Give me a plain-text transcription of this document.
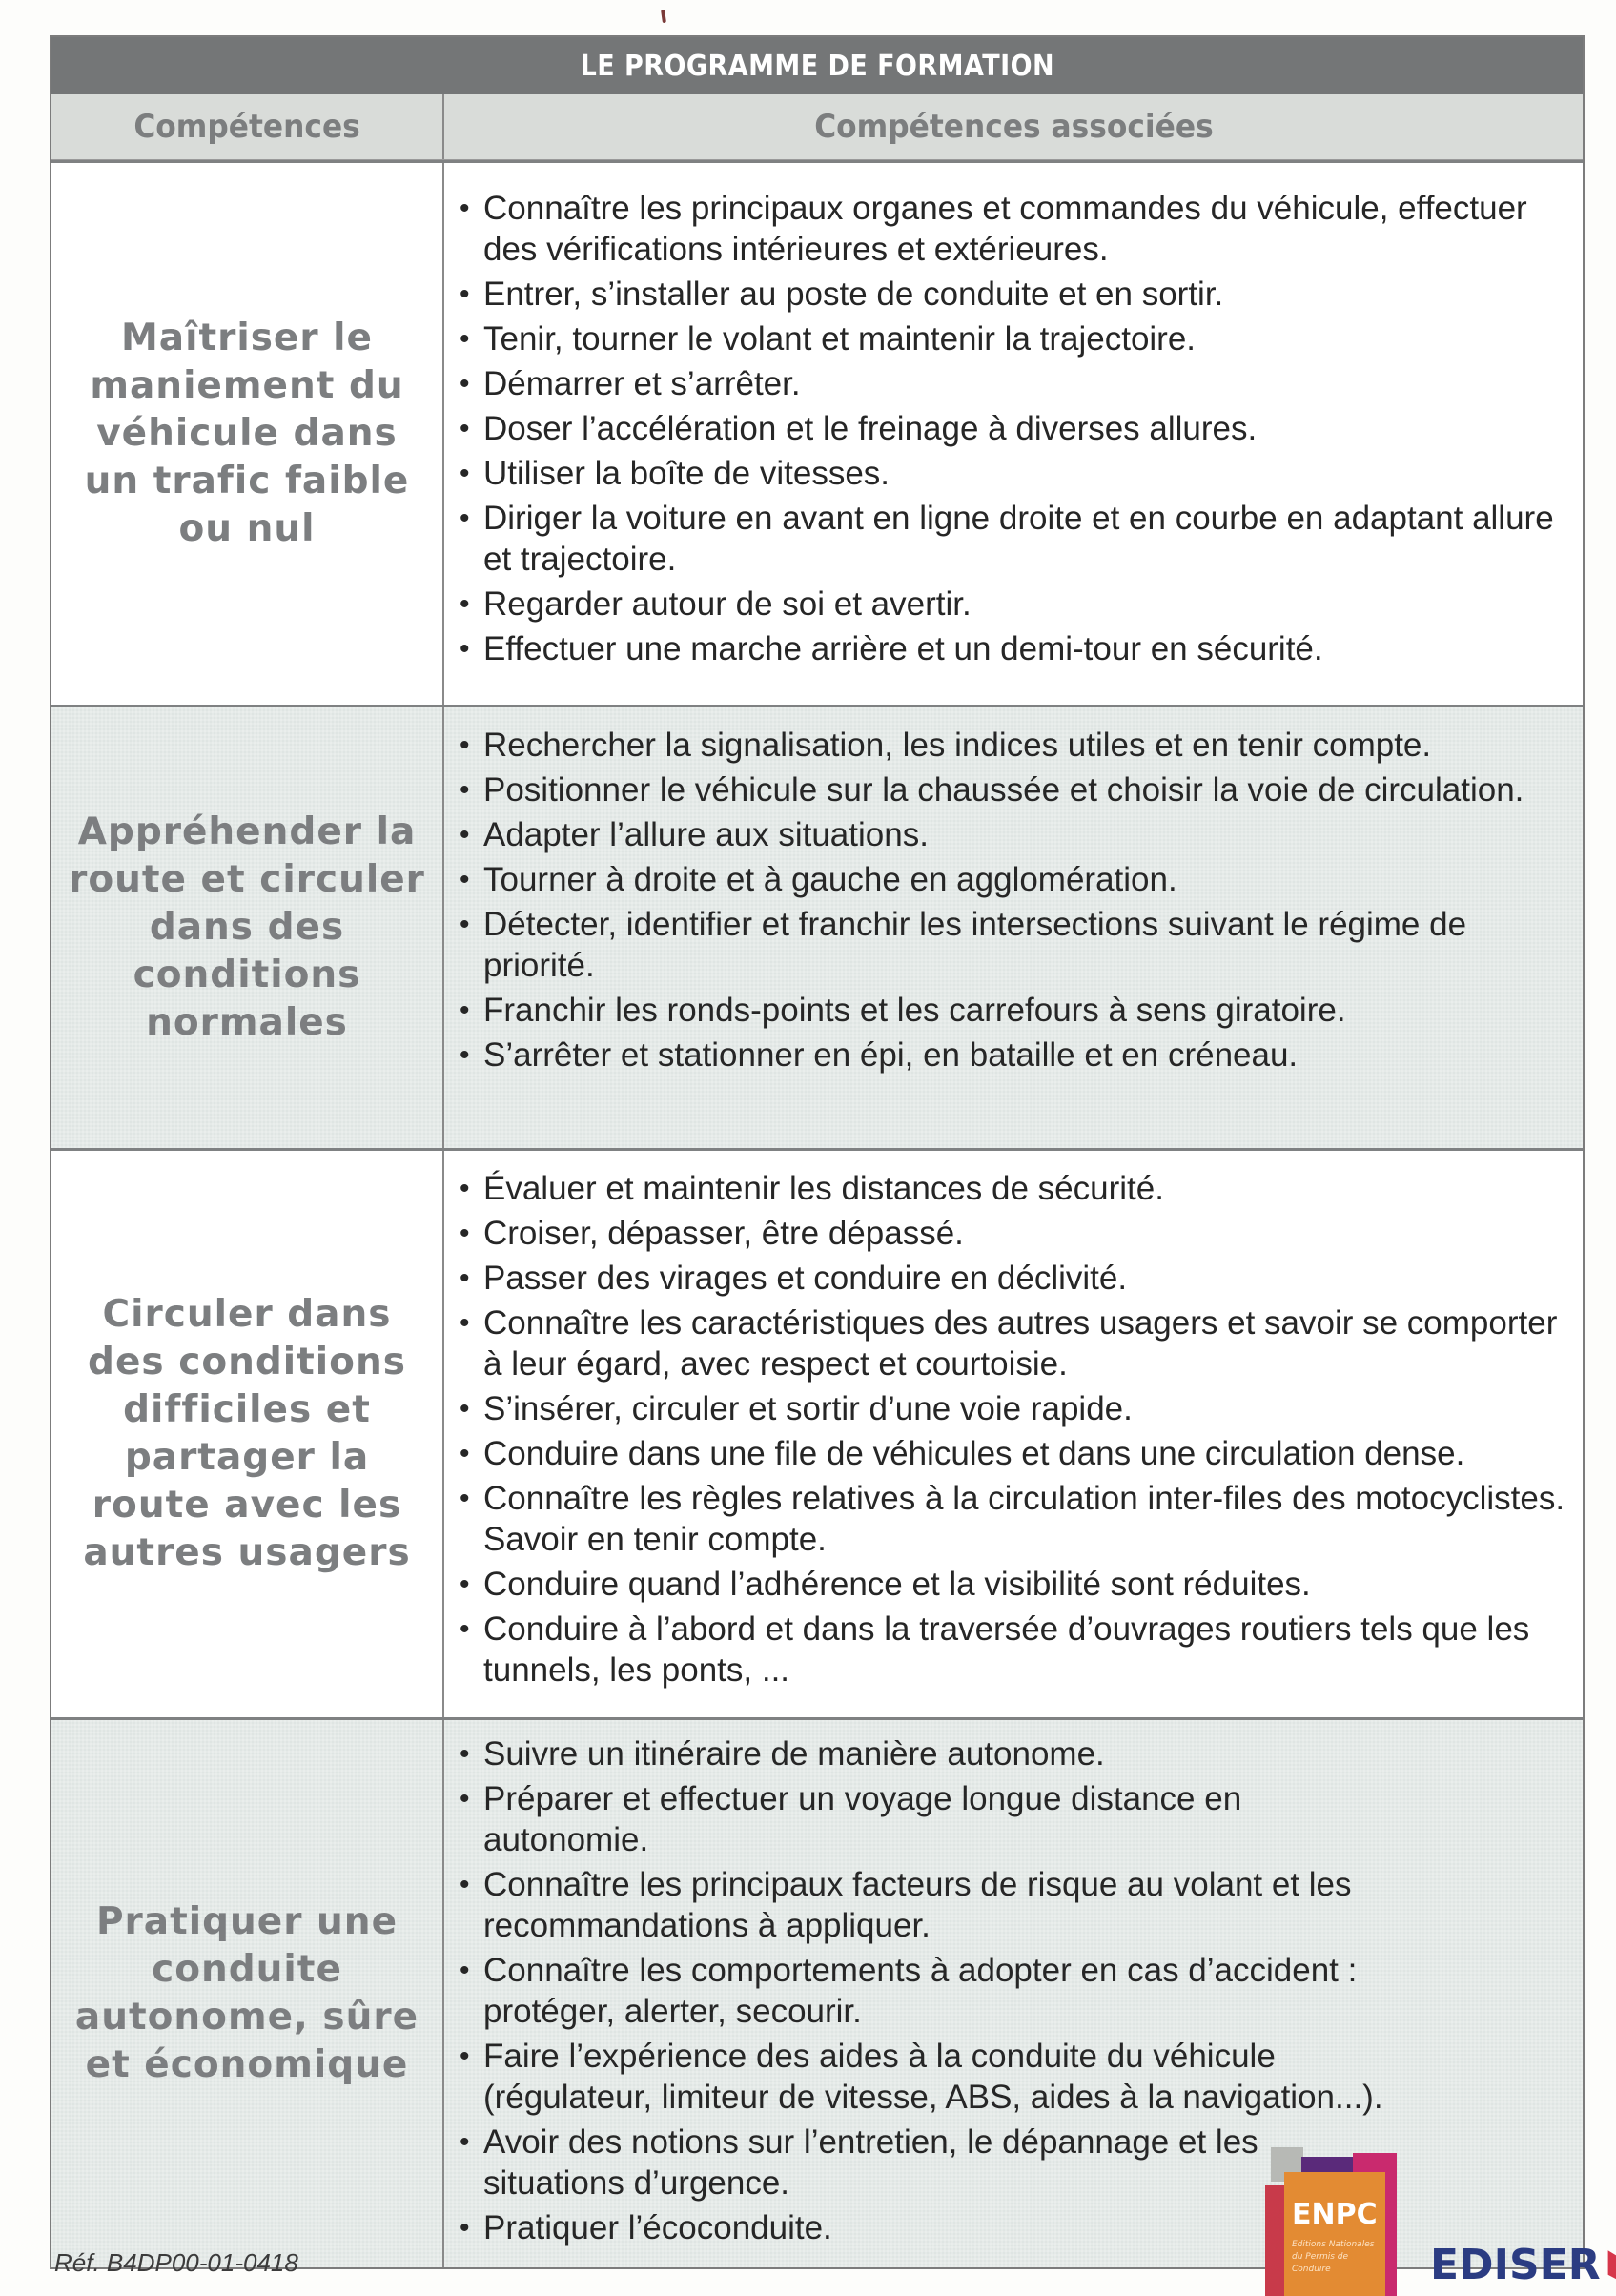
LE PROGRAMME DE FORMATION
Compétences	Compétences associées
Maîtriser le maniement du véhicule dans un trafic faible ou nul
• Connaître les principaux organes et commandes du véhicule, effectuer des vérifications intérieures et extérieures.
• Entrer, s’installer au poste de conduite et en sortir.
• Tenir, tourner le volant et maintenir la trajectoire.
• Démarrer et s’arrêter.
• Doser l’accélération et le freinage à diverses allures.
• Utiliser la boîte de vitesses.
• Diriger la voiture en avant en ligne droite et en courbe en adaptant allure et trajectoire.
• Regarder autour de soi et avertir.
• Effectuer une marche arrière et un demi-tour en sécurité.
Appréhender la route et circuler dans des conditions normales
• Rechercher la signalisation, les indices utiles et en tenir compte.
• Positionner le véhicule sur la chaussée et choisir la voie de circulation.
• Adapter l’allure aux situations.
• Tourner à droite et à gauche en agglomération.
• Détecter, identifier et franchir les intersections suivant le régime de priorité.
• Franchir les ronds-points et les carrefours à sens giratoire.
• S’arrêter et stationner en épi, en bataille et en créneau.
Circuler dans des conditions difficiles et partager la route avec les autres usagers
• Évaluer et maintenir les distances de sécurité.
• Croiser, dépasser, être dépassé.
• Passer des virages et conduire en déclivité.
• Connaître les caractéristiques des autres usagers et savoir se comporter à leur égard, avec respect et courtoisie.
• S’insérer, circuler et sortir d’une voie rapide.
• Conduire dans une file de véhicules et dans une circulation dense.
• Connaître les règles relatives à la circulation inter-files des motocyclistes. Savoir en tenir compte.
• Conduire quand l’adhérence et la visibilité sont réduites.
• Conduire à l’abord et dans la traversée d’ouvrages routiers tels que les tunnels, les ponts, ...
Pratiquer une conduite autonome, sûre et économique
• Suivre un itinéraire de manière autonome.
• Préparer et effectuer un voyage longue distance en autonomie.
• Connaître les principaux facteurs de risque au volant et les recommandations à appliquer.
• Connaître les comportements à adopter en cas d’accident : protéger, alerter, secourir.
• Faire l’expérience des aides à la conduite du véhicule (régulateur, limiteur de vitesse, ABS, aides à la navigation...).
• Avoir des notions sur l’entretien, le dépannage et les situations d’urgence.
• Pratiquer l’écoconduite.
Réf. B4DP00-01-0418
ENPC
Editions Nationales du Permis de Conduire	EDISER
